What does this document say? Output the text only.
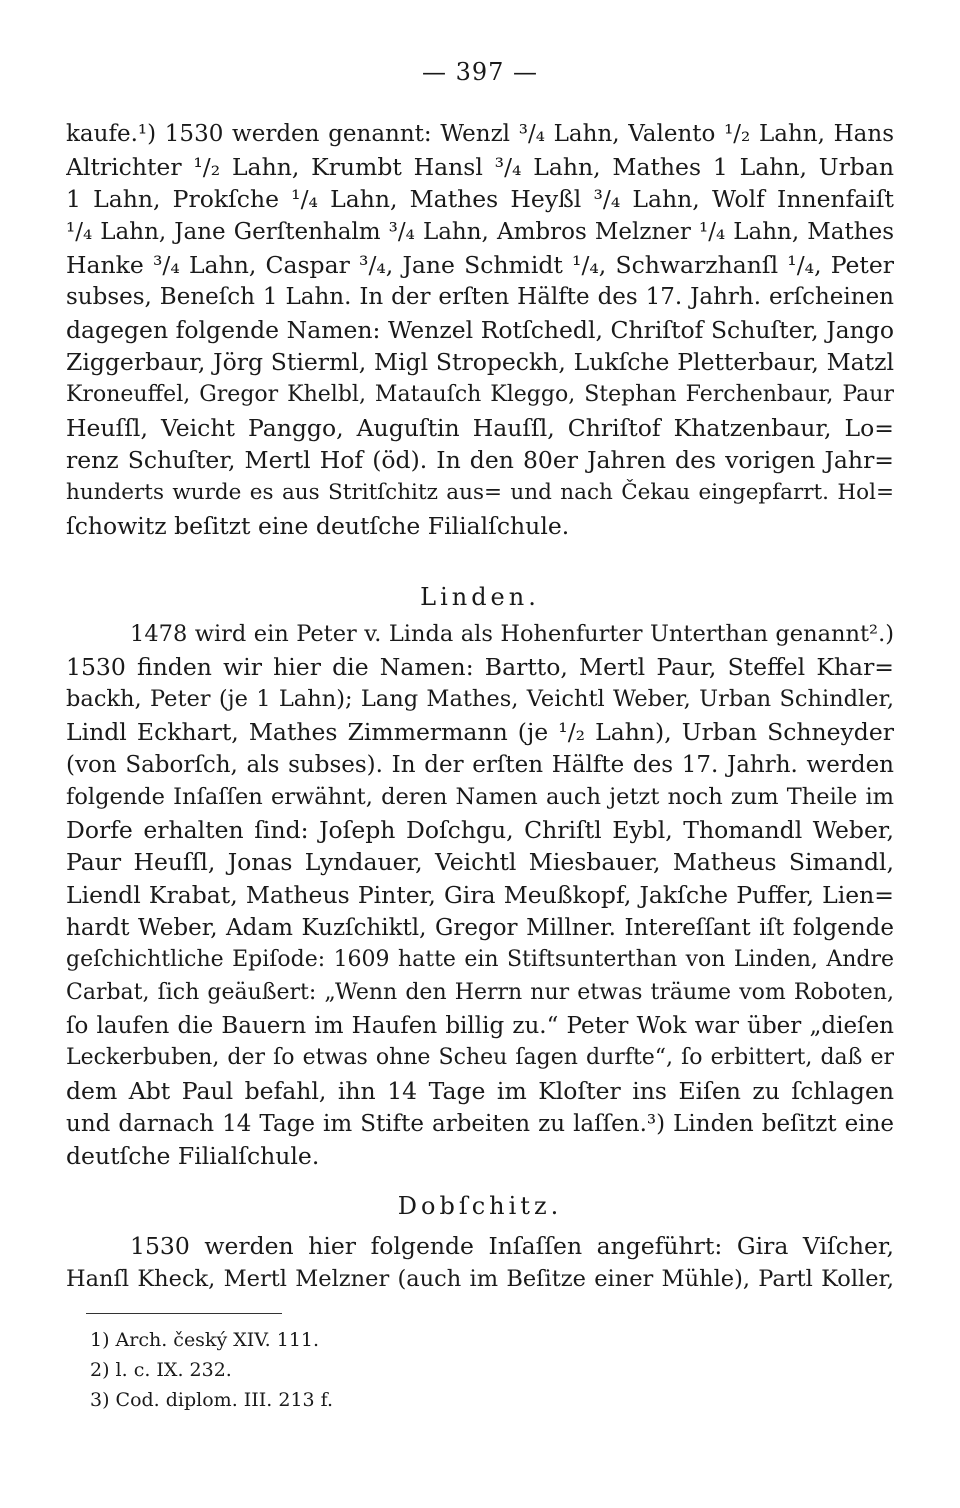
— 397 —
kaufe.¹) 1530 werden genannt: Wenzl ³/₄ Lahn, Valento ¹/₂ Lahn, Hans
Altrichter ¹/₂ Lahn, Krumbt Hansl ³/₄ Lahn, Mathes 1 Lahn, Urban
1 Lahn, Prokſche ¹/₄ Lahn, Mathes Heyßl ³/₄ Lahn, Wolf Innenfaiſt
¹/₄ Lahn, Jane Gerſtenhalm ³/₄ Lahn, Ambros Melzner ¹/₄ Lahn, Mathes
Hanke ³/₄ Lahn, Caspar ³/₄, Jane Schmidt ¹/₄, Schwarzhanſl ¹/₄, Peter
subses, Beneſch 1 Lahn. In der erſten Hälfte des 17. Jahrh. erſcheinen
dagegen folgende Namen: Wenzel Rotſchedl, Chriſtof Schuſter, Jango
Ziggerbaur, Jörg Stierml, Migl Stropeckh, Lukſche Pletterbaur, Matzl
Kroneuffel, Gregor Khelbl, Matauſch Kleggo, Stephan Ferchenbaur, Paur
Heuſſl, Veicht Panggo, Auguſtin Hauſſl, Chriſtof Khatzenbaur, Lo=
renz Schuſter, Mertl Hof (öd). In den 80er Jahren des vorigen Jahr=
hunderts wurde es aus Stritſchitz aus= und nach Čekau eingepfarrt. Hol=
ſchowitz beſitzt eine deutſche Filialſchule.
Linden.
1478 wird ein Peter v. Linda als Hohenfurter Unterthan genannt².)
1530 finden wir hier die Namen: Bartto, Mertl Paur, Steffel Khar=
backh, Peter (je 1 Lahn); Lang Mathes, Veichtl Weber, Urban Schindler,
Lindl Eckhart, Mathes Zimmermann (je ¹/₂ Lahn), Urban Schneyder
(von Saborſch, als subses). In der erſten Hälfte des 17. Jahrh. werden
folgende Inſaſſen erwähnt, deren Namen auch jetzt noch zum Theile im
Dorfe erhalten ſind: Joſeph Doſchgu, Chriſtl Eybl, Thomandl Weber,
Paur Heuſſl, Jonas Lyndauer, Veichtl Miesbauer, Matheus Simandl,
Liendl Krabat, Matheus Pinter, Gira Meußkopf, Jakſche Puffer, Lien=
hardt Weber, Adam Kuzſchiktl, Gregor Millner. Intereſſant iſt folgende
geſchichtliche Epiſode: 1609 hatte ein Stiftsunterthan von Linden, Andre
Carbat, ſich geäußert: „Wenn den Herrn nur etwas träume vom Roboten,
ſo laufen die Bauern im Haufen billig zu.“ Peter Wok war über „dieſen
Leckerbuben, der ſo etwas ohne Scheu ſagen durfte“, ſo erbittert, daß er
dem Abt Paul befahl, ihn 14 Tage im Kloſter ins Eiſen zu ſchlagen
und darnach 14 Tage im Stifte arbeiten zu laſſen.³) Linden beſitzt eine
deutſche Filialſchule.
Dobſchitz.
1530 werden hier folgende Inſaſſen angeführt: Gira Viſcher,
Hanſl Kheck, Mertl Melzner (auch im Beſitze einer Mühle), Partl Koller,
1) Arch. český XIV. 111.
2) l. c. IX. 232.
3) Cod. diplom. III. 213 f.
